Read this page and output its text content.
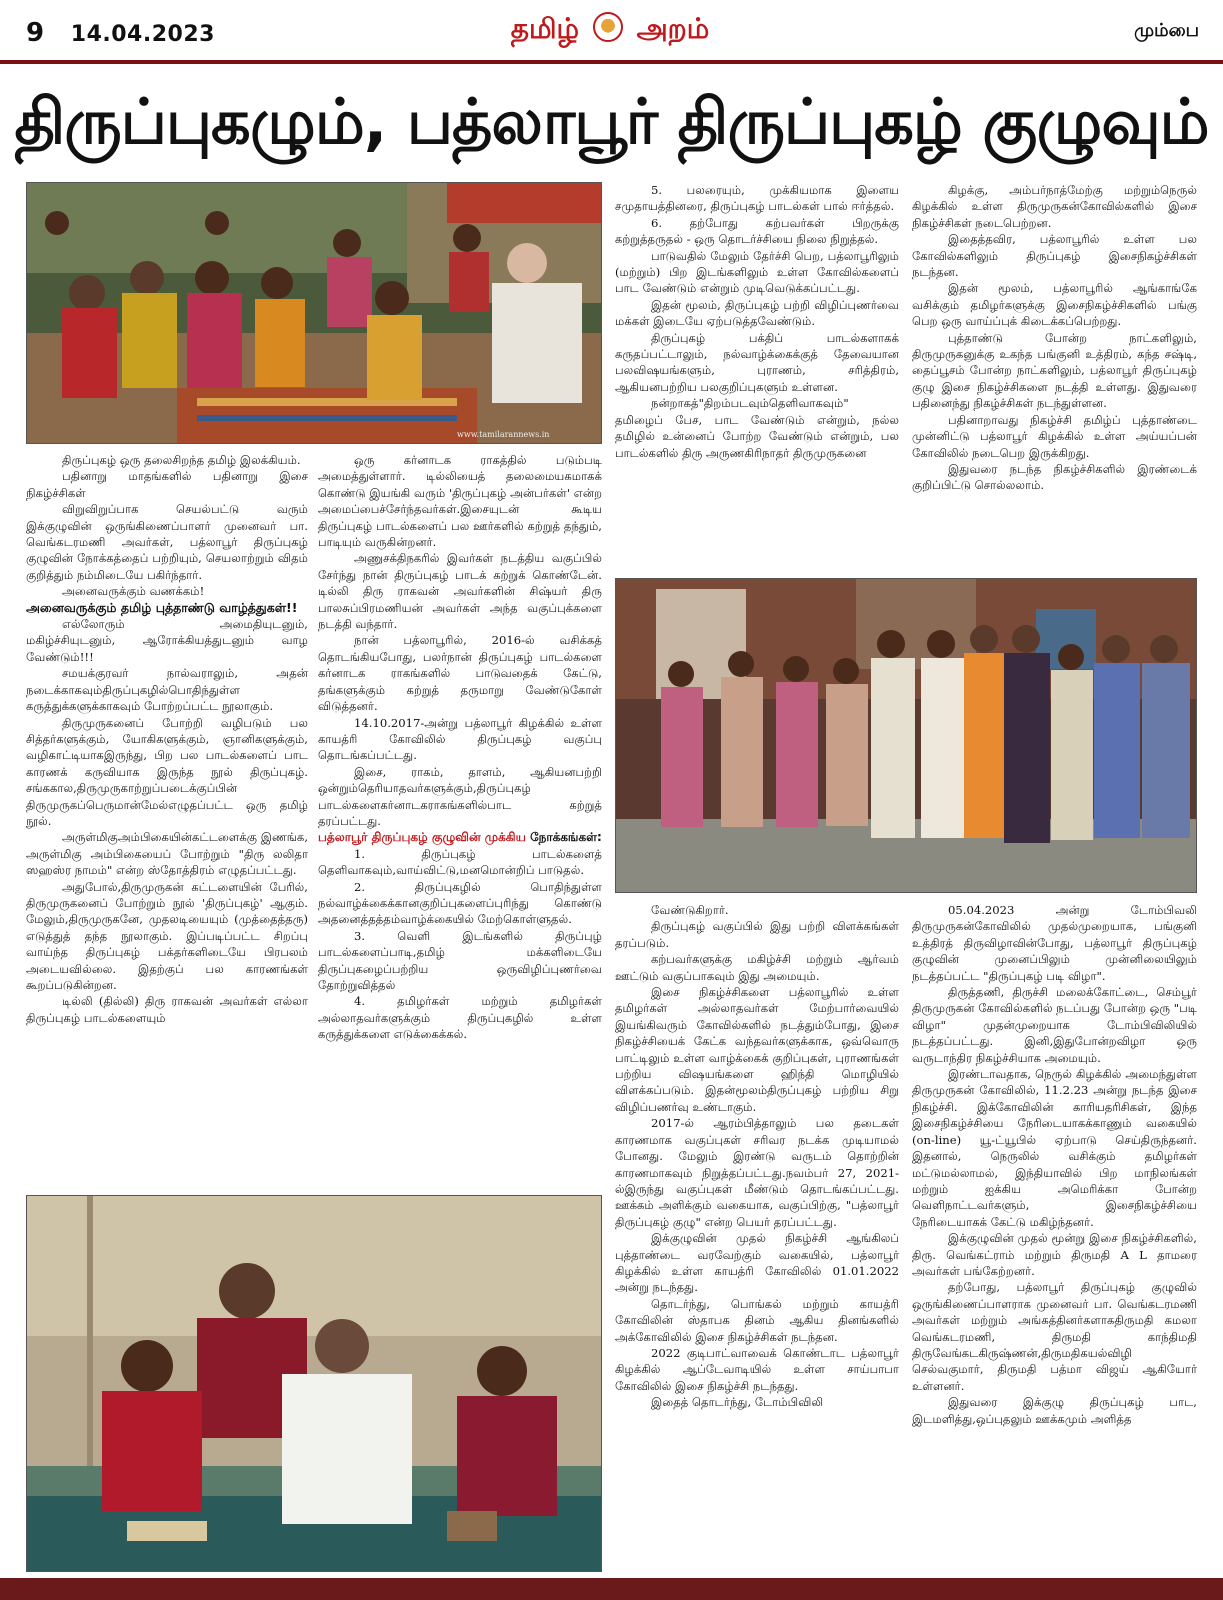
9 14.04.2023	தமிழ் அறம்	மும்பை
திருப்புகழும், பத்லாபூர் திருப்புகழ் குழுவும்
www.tamilarannews.in

திருப்புகழ் ஒரு தலைசிறந்த தமிழ் இலக்கியம்.

பதினாறு மாதங்களில் பதினாறு இசை நிகழ்ச்சிகள்

விறுவிறுப்பாக செயல்பட்டு வரும் இக்குழுவின் ஒருங்கிணைப்பாளர் முனைவர் பா. வெங்கடரமணி அவர்கள், பத்லாபூர் திருப்புகழ் குழுவின் நோக்கத்தைப் பற்றியும், செயலாற்றும் விதம் குறித்தும் நம்மிடையே பகிர்ந்தார்.

அனைவருக்கும் வணக்கம்!

அனைவருக்கும் தமிழ் புத்தாண்டு வாழ்த்துகள்!!

எல்லோரும் அமைதியுடனும், மகிழ்ச்சியுடனும், ஆரோக்கியத்துடனும் வாழ வேண்டும்!!!

சமயக்குரவர் நால்வராலும், அதன் நடைக்காகவும்திருப்புகழில்பொதிந்துள்ள கருத்துக்களுக்காகவும் போற்றப்பட்ட நூலாகும்.

திருமுருகனைப் போற்றி வழிபடும் பல சித்தர்களுக்கும், யோகிகளுக்கும், ஞானிகளுக்கும், வழிகாட்டியாகஇருந்து, பிற பல பாடல்களைப் பாட காரணக் கருவியாக இருந்த நூல் திருப்புகழ். சங்ககால,திருமுருகாற்றுப்படைக்குப்பின் திருமுருகப்பெருமான்மேல்எழுதப்பட்ட ஒரு தமிழ் நூல்.

அருள்மிகுஅம்பிகையின்கட்டளைக்கு இணங்க, அருள்மிகு அம்பிகையைப் போற்றும் "திரு லலிதா ஸஹஸ்ர நாமம்" என்ற ஸ்தோத்திரம் எழுதப்பட்டது.

அதுபோல்,திருமுருகன் கட்டளையின் பேரில், திருமுருகனைப் போற்றும் நூல் 'திருப்புகழ்' ஆகும். மேலும்,திருமுருகனே, முதலடியையும் (முத்தைத்தரு) எடுத்துத் தந்த நூலாகும். இப்படிப்பட்ட சிறப்பு வாய்ந்த திருப்புகழ் பக்தர்களிடையே பிரபலம் அடையவில்லை. இதற்குப் பல காரணங்கள் கூறப்படுகின்றன.

டில்லி (தில்லி) திரு ராகவன் அவர்கள் எல்லா திருப்புகழ் பாடல்களையும்

ஒரு கர்னாடக ராகத்தில் படும்படி அமைத்துள்ளார். டில்லியைத் தலைமையகமாகக் கொண்டு இயங்கி வரும் 'திருப்புகழ் அன்பர்கள்' என்ற அமைப்பைச்சேர்ந்தவர்கள்.இசையுடன் கூடிய திருப்புகழ் பாடல்களைப் பல ஊர்களில் கற்றுத் தந்தும், பாடியும் வருகின்றனர்.

அணுசக்திநகரில் இவர்கள் நடத்திய வகுப்பில் சேர்ந்து நான் திருப்புகழ் பாடக் கற்றுக் கொண்டேன். டில்லி திரு ராகவன் அவர்களின் சிஷ்யர் திரு பாலசுப்பிரமணியன் அவர்கள் அந்த வகுப்புக்களை நடத்தி வந்தார்.

நான் பத்லாபூரில், 2016-ல் வசிக்கத் தொடங்கியபோது, பலர்நான் திருப்புகழ் பாடல்களை கர்னாடக ராகங்களில் பாடுவதைக் கேட்டு, தங்களுக்கும் கற்றுத் தருமாறு வேண்டுகோள் விடுத்தனர்.

14.10.2017-அன்று பத்லாபூர் கிழக்கில் உள்ள காயத்ரி கோவிலில் திருப்புகழ் வகுப்பு தொடங்கப்பட்டது.

இசை, ராகம், தாளம், ஆகியனபற்றி ஒன்றும்தெரியாதவர்களுக்கும்,திருப்புகழ் பாடல்களைகர்னாடகராகங்களில்பாட கற்றுத் தரப்பட்டது.

பத்லாபூர் திருப்புகழ் குழுவின் முக்கிய நோக்கங்கள்:

1. திருப்புகழ் பாடல்களைத் தெளிவாகவும்,வாய்விட்டு,மனமொன்றிப் பாடுதல்.

2. திருப்புகழில் பொதிந்துள்ள நல்வாழ்க்கைக்கானகுறிப்புகளைப்புரிந்து கொண்டு அதனைத்தத்தம்வாழ்க்கையில் மேற்கொள்ளுதல்.

3. வெளி இடங்களில் திருப்புழ் பாடல்களைப்பாடி,தமிழ் மக்களிடையே திருப்புகழைப்பற்றிய ஒருவிழிப்புணர்வை தோற்றுவித்தல்

4. தமிழர்கள் மற்றும் தமிழர்கள் அல்லாதவர்களுக்கும் திருப்புகழில் உள்ள கருத்துக்களை எடுக்கைக்கல்.

5. பலரையும், முக்கியமாக இளைய சமுதாயத்தினரை, திருப்புகழ் பாடல்கள் பால் ஈர்த்தல்.

6. தற்போது கற்பவர்கள் பிறருக்கு கற்றுத்தருதல் - ஒரு தொடர்ச்சியை நிலை நிறுத்தல்.

பாடுவதில் மேலும் தேர்ச்சி பெற, பத்லாபூரிலும் (மற்றும்) பிற இடங்களிலும் உள்ள கோவில்களைப் பாட வேண்டும் என்றும் முடிவெடுக்கப்பட்டது.

இதன் மூலம், திருப்புகழ் பற்றி விழிப்புணர்வை மக்கள் இடையே ஏற்படுத்தவேண்டும்.

திருப்புகழ் பக்திப் பாடல்களாகக் கருதப்பட்டாலும், நல்வாழ்க்கைக்குத் தேவையான பலவிஷயங்களும், புராணம், சரித்திரம், ஆகியனபற்றிய பலகுறிப்புகளும் உள்ளன.

நன்றாகத்"திறம்படவும்தெளிவாகவும்" தமிழைப் பேச, பாட வேண்டும் என்றும், நல்ல தமிழில் உன்னைப் போற்ற வேண்டும் என்றும், பல பாடல்களில் திரு அருணகிரிநாதர் திருமுருகனை

கிழக்கு, அம்பர்நாத்மேற்கு மற்றும்நெருல் கிழக்கில் உள்ள திருமுருகன்கோவில்களில் இசை நிகழ்ச்சிகள் நடைபெற்றன.

இதைத்தவிர, பத்லாபூரில் உள்ள பல கோவில்களிலும் திருப்புகழ் இசைநிகழ்ச்சிகள் நடந்தன.

இதன் மூலம், பத்லாபூரில் ஆங்காங்கே வசிக்கும் தமிழர்களுக்கு இசைநிகழ்ச்சிகளில் பங்கு பெற ஒரு வாய்ப்புக் கிடைக்கப்பெற்றது.

புத்தாண்டு போன்ற நாட்களிலும், திருமுருகனுக்கு உகந்த பங்குனி உத்திரம், கந்த சஷ்டி, தைப்பூசம் போன்ற நாட்களிலும், பத்லாபூர் திருப்புகழ் குழு இசை நிகழ்ச்சிகளை நடத்தி உள்ளது. இதுவரை பதினைந்து நிகழ்ச்சிகள் நடந்துள்ளன.

பதினாறாவது நிகழ்ச்சி தமிழ்ப் புத்தாண்டை முன்னிட்டு பத்லாபூர் கிழக்கில் உள்ள அய்யப்பன் கோவிலில் நடைபெற இருக்கிறது.

இதுவரை நடந்த நிகழ்ச்சிகளில் இரண்டைக் குறிப்பிட்டு சொல்லலாம்.

வேண்டுகிறார்.

திருப்புகழ் வகுப்பில் இது பற்றி விளக்கங்கள் தரப்படும்.

கற்பவர்களுக்கு மகிழ்ச்சி மற்றும் ஆர்வம் ஊட்டும் வகுப்பாகவும் இது அமையும்.

இசை நிகழ்ச்சிகளை பத்லாபூரில் உள்ள தமிழர்கள் அல்லாதவர்கள் மேற்பார்வையில் இயங்கிவரும் கோவில்களில் நடத்தும்போது, இசை நிகழ்ச்சியைக் கேட்க வந்தவர்களுக்காக, ஒவ்வொரு பாட்டிலும் உள்ள வாழ்க்கைக் குறிப்புகள், புராணங்கள் பற்றிய விஷயங்களை ஹிந்தி மொழியில் விளக்கப்படும். இதன்மூலம்திருப்புகழ் பற்றிய சிறு விழிப்பணர்வு உண்டாகும்.

2017-ல் ஆரம்பித்தாலும் பல தடைகள் காரணமாக வகுப்புகள் சரிவர நடக்க முடியாமல் போனது. மேலும் இரண்டு வருடம் தொற்றின் காரணமாகவும் நிறுத்தப்பட்டது.நவம்பர் 27, 2021-ல்இருந்து வகுப்புகள் மீண்டும் தொடங்கப்பட்டது. ஊக்கம் அளிக்கும் வகையாக, வகுப்பிற்கு, "பத்லாபூர் திருப்புகழ் குழு" என்ற பெயர் தரப்பட்டது.

இக்குழுவின் முதல் நிகழ்ச்சி ஆங்கிலப் புத்தாண்டை வரவேற்கும் வகையில், பத்லாபூர் கிழக்கில் உள்ள காயத்ரி கோவிலில் 01.01.2022 அன்று நடந்தது.

தொடர்ந்து, பொங்கல் மற்றும் காயத்ரி கோவிலின் ஸ்தாபக தினம் ஆகிய தினங்களில் அக்கோவிலில் இசை நிகழ்ச்சிகள் நடந்தன.

2022 குடிபாட்வாவைக் கொண்டாட பத்லாபூர் கிழக்கில் ஆப்டேவாடியில் உள்ள சாய்பாபா கோவிலில் இசை நிகழ்ச்சி நடந்தது.

இதைத் தொடர்ந்து, டோம்பிவிலி

05.04.2023 அன்று டோம்பிவலி திருமுருகன்கோவிலில் முதல்முறையாக, பங்குனி உத்திரத் திருவிழாவின்போது, பத்லாபூர் திருப்புகழ் குழுவின் முனைப்பிலும் முன்னிலையிலும் நடத்தப்பட்ட "திருப்புகழ் படி விழா".

திருத்தணி, திருச்சி மலைக்கோட்டை, செம்பூர் திருமுருகன் கோவில்களில் நடப்பது போன்ற ஒரு "படி விழா" முதன்முறையாக டோம்பிவிலியில் நடத்தப்பட்டது. இனி,இதுபோன்றவிழா ஒரு வருடாந்திர நிகழ்ச்சியாக அமையும்.

இரண்டாவதாக, நெருல் கிழக்கில் அமைந்துள்ள திருமுருகன் கோவிலில், 11.2.23 அன்று நடந்த இசை நிகழ்ச்சி. இக்கோவிலின் காரியதரிசிகள், இந்த இசைநிகழ்ச்சியை நேரிடையாகக்காணும் வகையில் (on-line) யூ-ட்யூபில் ஏற்பாடு செய்திருந்தனர். இதனால், நெருலில் வசிக்கும் தமிழர்கள் மட்டுமல்லாமல், இந்தியாவில் பிற மாநிலங்கள் மற்றும் ஐக்கிய அமெரிக்கா போன்ற வெளிநாட்டவர்களும், இசைநிகழ்ச்சியை நேரிடையாகக் கேட்டு மகிழ்ந்தனர்.

இக்குழுவின் முதல் மூன்று இசை நிகழ்ச்சிகளில், திரு. வெங்கட்ராம் மற்றும் திருமதி A L தாமரை அவர்கள் பங்கேற்றனர்.

தற்போது, பத்லாபூர் திருப்புகழ் குழுவில் ஒருங்கிணைப்பாளராக முனைவர் பா. வெங்கடரமணி அவர்கள் மற்றும் அங்கத்தினர்களாகதிருமதி கமலா வெங்கடரமணி, திருமதி காந்திமதி திருவேங்கடகிருஷ்ணன்,திருமதிகயல்விழி செல்வகுமார், திருமதி பத்மா விஜய் ஆகியோர் உள்ளனர்.

இதுவரை இக்குழு திருப்புகழ் பாட, இடமளித்து,ஒப்புதலும் ஊக்கமும் அளித்த
